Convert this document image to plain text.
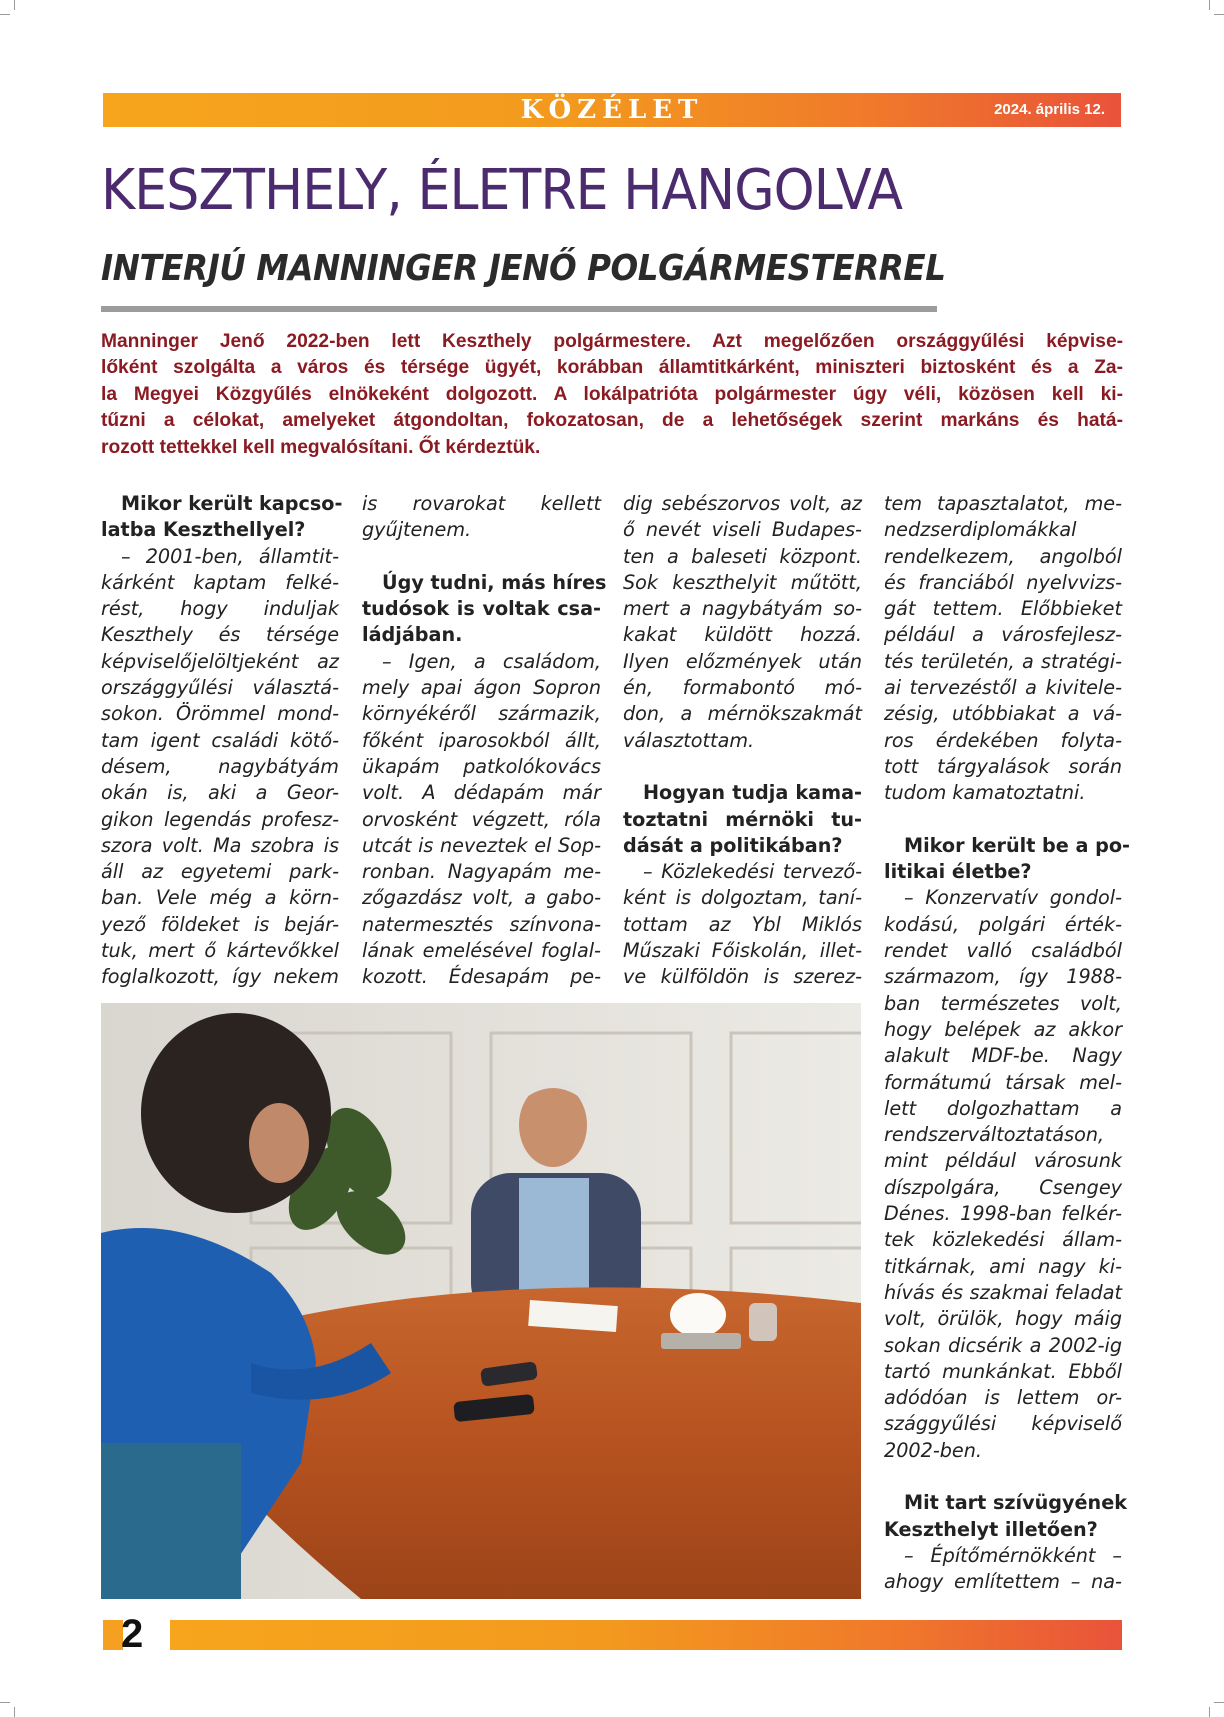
KÖZÉLET	2024. április 12.
KESZTHELY, ÉLETRE HANGOLVA
INTERJÚ MANNINGER JENŐ POLGÁRMESTERREL
Manninger Jenő 2022-ben lett Keszthely polgármestere. Azt megelőzően országgyűlési képvise-
lőként szolgálta a város és térsége ügyét, korábban államtitkárként, miniszteri biztosként és a Za-
la Megyei Közgyűlés elnökeként dolgozott. A lokálpatrióta polgármester úgy véli, közösen kell ki-
tűzni a célokat, amelyeket átgondoltan, fokozatosan, de a lehetőségek szerint markáns és hatá-
rozott tettekkel kell megvalósítani. Őt kérdeztük.
Mikor került kapcso-
latba Keszthellyel?
– 2001-ben, államtit-
kárként kaptam felké-
rést, hogy induljak
Keszthely és térsége
képviselőjelöltjeként az
országgyűlési választá-
sokon. Örömmel mond-
tam igent családi kötő-
désem, nagybátyám
okán is, aki a Geor-
gikon legendás profesz-
szora volt. Ma szobra is
áll az egyetemi park-
ban. Vele még a körn-
yező földeket is bejár-
tuk, mert ő kártevőkkel
foglalkozott, így nekem
is rovarokat kellett
gyűjtenem.
Úgy tudni, más híres
tudósok is voltak csa-
ládjában.
– Igen, a családom,
mely apai ágon Sopron
környékéről származik,
főként iparosokból állt,
ükapám patkolókovács
volt. A dédapám már
orvosként végzett, róla
utcát is neveztek el Sop-
ronban. Nagyapám me-
zőgazdász volt, a gabo-
natermesztés színvona-
lának emelésével foglal-
kozott. Édesapám pe-
dig sebészorvos volt, az
ő nevét viseli Budapes-
ten a baleseti központ.
Sok keszthelyit műtött,
mert a nagybátyám so-
kakat küldött hozzá.
Ilyen előzmények után
én, formabontó mó-
don, a mérnökszakmát
választottam.
Hogyan tudja kama-
toztatni mérnöki tu-
dását a politikában?
– Közlekedési tervező-
ként is dolgoztam, taní-
tottam az Ybl Miklós
Műszaki Főiskolán, illet-
ve külföldön is szerez-
tem tapasztalatot, me-
nedzserdiplomákkal
rendelkezem, angolból
és franciából nyelvvizs-
gát tettem. Előbbieket
például a városfejlesz-
tés területén, a stratégi-
ai tervezéstől a kivitele-
zésig, utóbbiakat a vá-
ros érdekében folyta-
tott tárgyalások során
tudom kamatoztatni.
Mikor került be a po-
litikai életbe?
– Konzervatív gondol-
kodású, polgári érték-
rendet valló családból
származom, így 1988-
ban természetes volt,
hogy belépek az akkor
alakult MDF-be. Nagy
formátumú társak mel-
lett dolgozhattam a
rendszerváltoztatáson,
mint például városunk
díszpolgára, Csengey
Dénes. 1998-ban felkér-
tek közlekedési állam-
titkárnak, ami nagy ki-
hívás és szakmai feladat
volt, örülök, hogy máig
sokan dicsérik a 2002-ig
tartó munkánkat. Ebből
adódóan is lettem or-
szággyűlési képviselő
2002-ben.
Mit tart szívügyének
Keszthelyt illetően?
– Építőmérnökként –
ahogy említettem – na-
2
